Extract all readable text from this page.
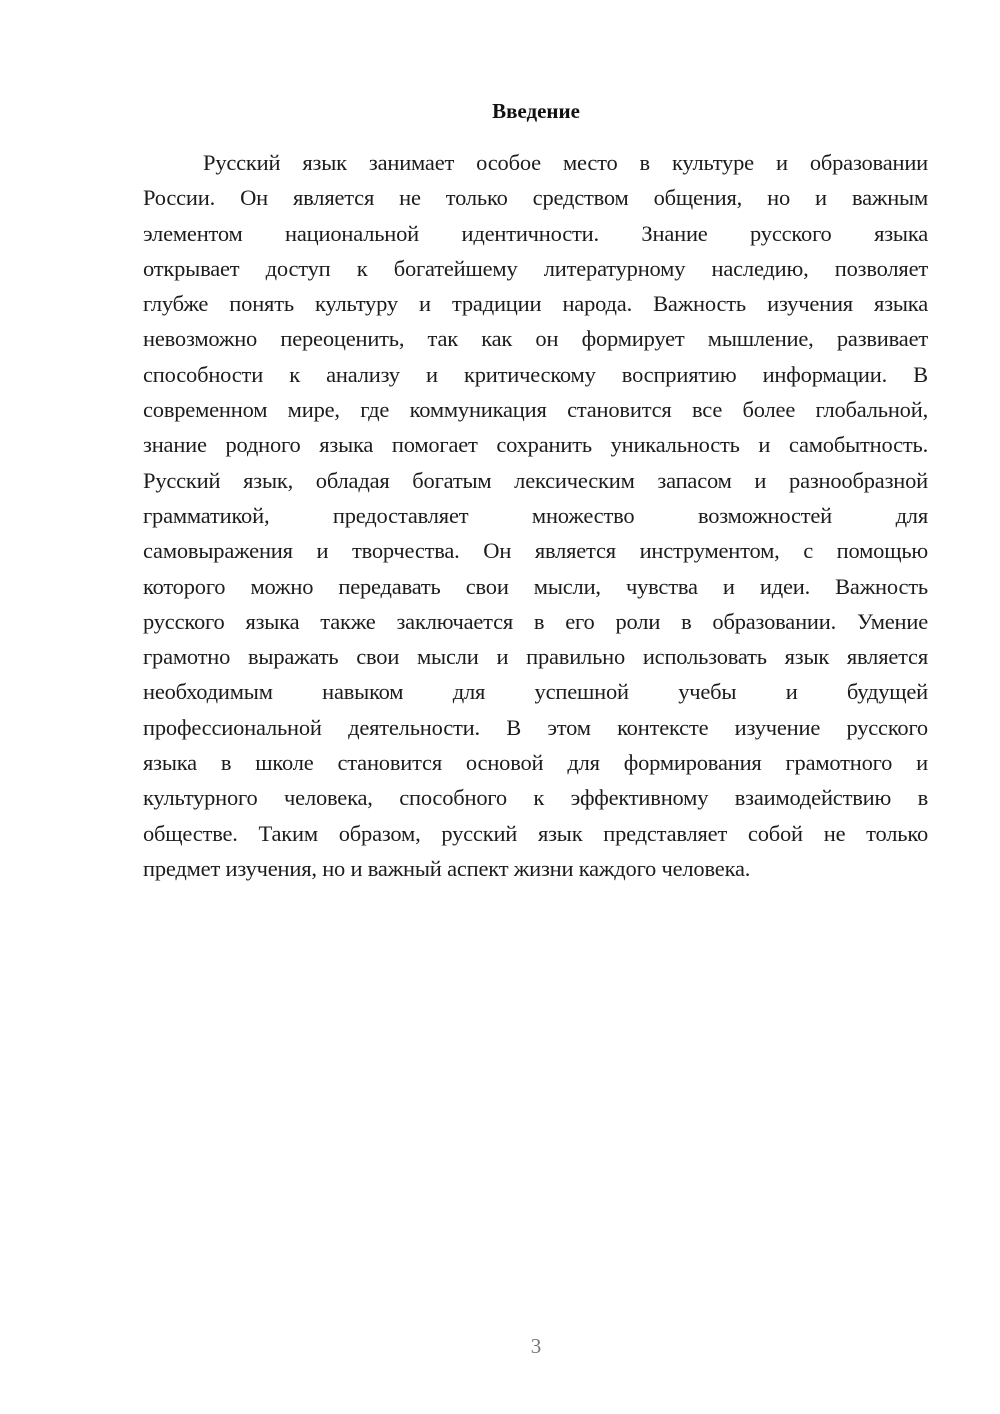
Введение
Русский язык занимает особое место в культуре и образовании
России. Он является не только средством общения, но и важным
элементом национальной идентичности. Знание русского языка
открывает доступ к богатейшему литературному наследию, позволяет
глубже понять культуру и традиции народа. Важность изучения языка
невозможно переоценить, так как он формирует мышление, развивает
способности к анализу и критическому восприятию информации. В
современном мире, где коммуникация становится все более глобальной,
знание родного языка помогает сохранить уникальность и самобытность.
Русский язык, обладая богатым лексическим запасом и разнообразной
грамматикой, предоставляет множество возможностей для
самовыражения и творчества. Он является инструментом, с помощью
которого можно передавать свои мысли, чувства и идеи. Важность
русского языка также заключается в его роли в образовании. Умение
грамотно выражать свои мысли и правильно использовать язык является
необходимым навыком для успешной учебы и будущей
профессиональной деятельности. В этом контексте изучение русского
языка в школе становится основой для формирования грамотного и
культурного человека, способного к эффективному взаимодействию в
обществе. Таким образом, русский язык представляет собой не только
предмет изучения, но и важный аспект жизни каждого человека.
3
